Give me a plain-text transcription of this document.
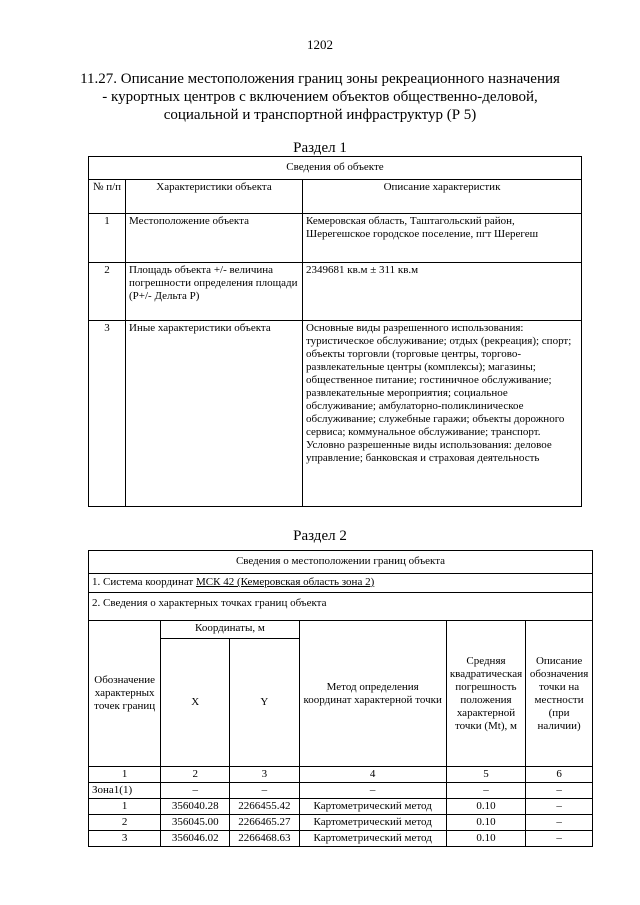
1202
11.27. Описание местоположения границ зоны рекреационного назначения - курортных центров с включением объектов общественно-деловой, социальной и транспортной инфраструктур (Р 5)
Раздел 1
Сведения об объекте		
№ п/п	Характеристики объекта	Описание характеристик
1	Местоположение объекта	Кемеровская область, Таштагольский район, Шерегешское городское поселение, пгт Шерегеш
2	Площадь объекта +/- величина погрешности определения площади (Р+/- Дельта Р)	2349681 кв.м ± 311 кв.м
3	Иные характеристики объекта	Основные виды разрешенного использования: туристическое обслуживание; отдых (рекреация); спорт; объекты торговли (торговые центры, торгово-развлекательные центры (комплексы); магазины; общественное питание; гостиничное обслуживание; развлекательные мероприятия; социальное обслуживание; амбулаторно-поликлиническое обслуживание; служебные гаражи; объекты дорожного сервиса; коммунальное обслуживание; транспорт. Условно разрешенные виды использования: деловое управление; банковская и страховая деятельность
Раздел 2
Сведения о местоположении границ объекта					
1. Система координат МСК 42 (Кемеровская область зона 2)					
2. Сведения о характерных точках границ объекта					
Обозначение характерных точек границ	Координаты, м		Метод определения координат характерной точки	Средняя квадратическая погрешность положения характерной точки (Mt), м	Описание обозначения точки на местности (при наличии)
	X	Y			
1	2	3	4	5	6
Зона1(1)	–	–	–	–	–
1	356040.28	2266455.42	Картометрический метод	0.10	–
2	356045.00	2266465.27	Картометрический метод	0.10	–
3	356046.02	2266468.63	Картометрический метод	0.10	–
